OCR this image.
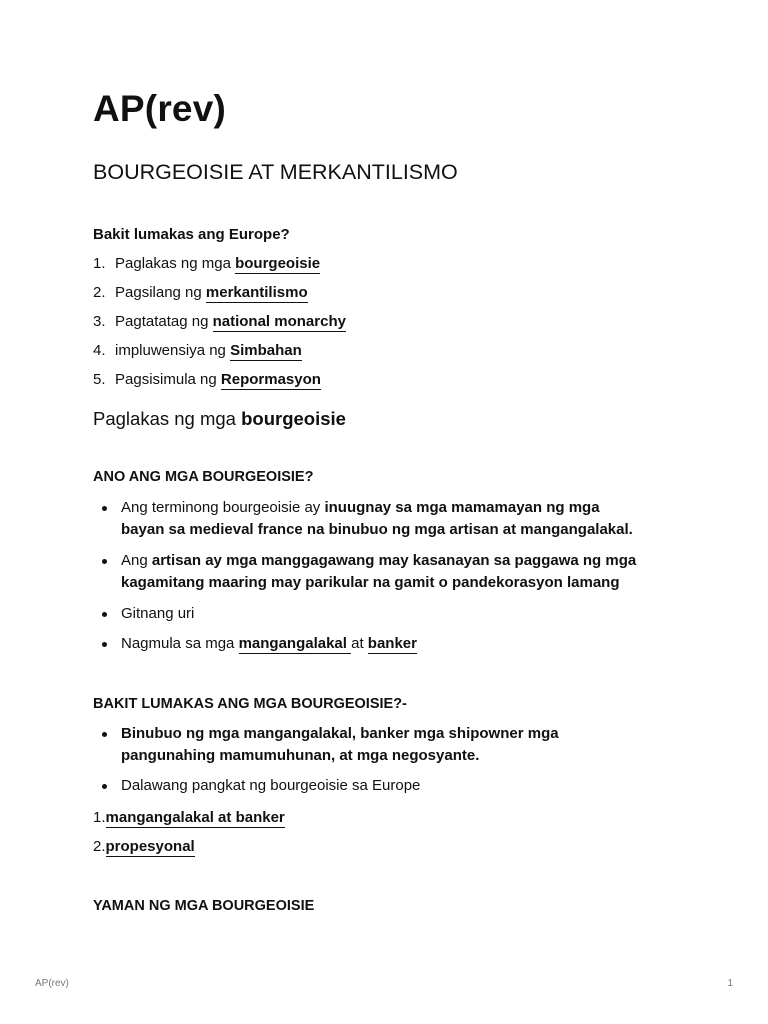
AP(rev)
BOURGEOISIE AT MERKANTILISMO
Bakit lumakas ang Europe?
1. Paglakas ng mga bourgeoisie
2. Pagsilang ng merkantilismo
3. Pagtatatag ng national monarchy
4. impluwensiya ng Simbahan
5. Pagsisimula ng Repormasyon
Paglakas ng mga bourgeoisie
ANO ANG MGA BOURGEOISIE?
Ang terminong bourgeoisie ay inuugnay sa mga mamamayan ng mga
bayan sa medieval france na binubuo ng mga artisan at mangangalakal.
Ang artisan ay mga manggagawang may kasanayan sa paggawa ng mga
kagamitang maaring may parikular na gamit o pandekorasyon lamang
Gitnang uri
Nagmula sa mga mangangalakal at banker
BAKIT LUMAKAS ANG MGA BOURGEOISIE?-
Binubuo ng mga mangangalakal, banker mga shipowner mga
pangunahing mamumuhunan, at mga negosyante.
Dalawang pangkat ng bourgeoisie sa Europe
1.mangangalakal at banker
2.propesyonal
YAMAN NG MGA BOURGEOISIE
AP(rev)	1
